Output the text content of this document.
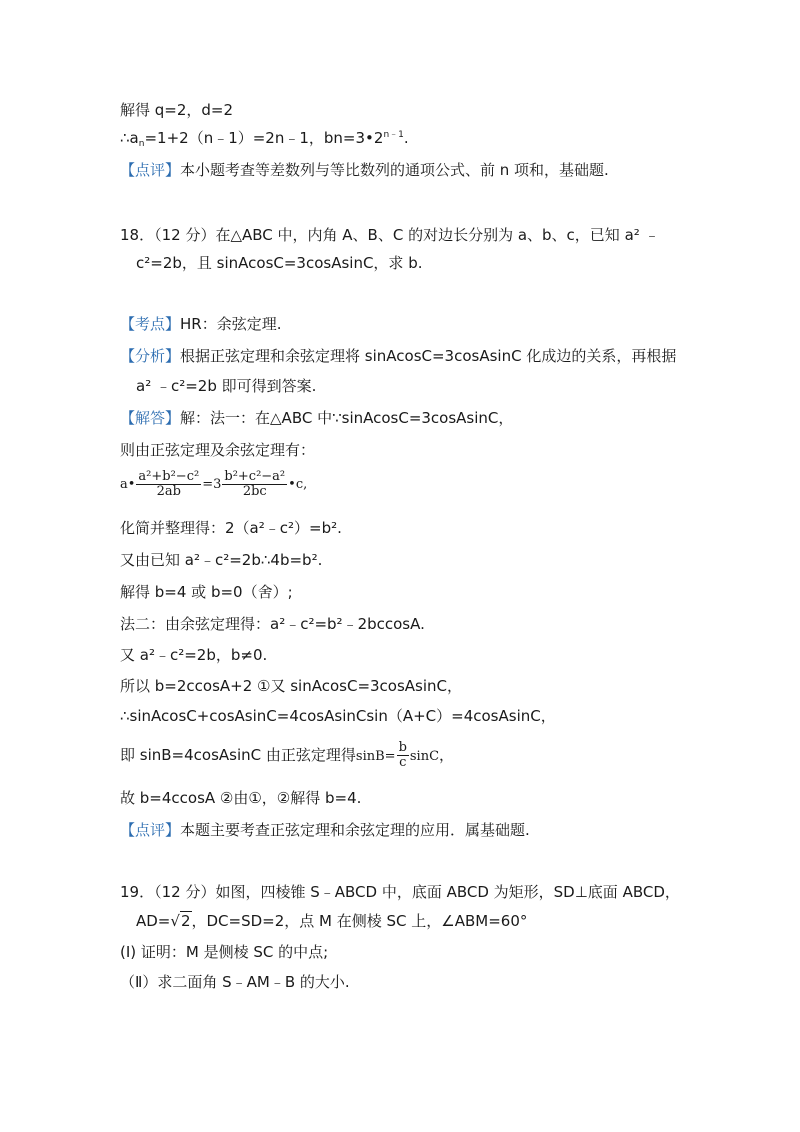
解得 q=2，d=2
$\therefore a_n=1+2(n﹣1)=2n﹣1$，$bn=3•2^{n﹣1}$.
【点评】本小题考查等差数列与等比数列的通项公式、前 n 项和，基础题.
18．（12 分）在△ABC 中，内角 A、B、C 的对边长分别为 a、b、c，已知 a² ﹣
c²=2b，且 sinAcosC=3cosAsinC，求 b.
【考点】HR：余弦定理.
【分析】根据正弦定理和余弦定理将 sinAcosC=3cosAsinC 化成边的关系，再根据
a² ﹣c²=2b 即可得到答案.
【解答】解：法一：在△ABC 中∵sinAcosC=3cosAsinC，
则由正弦定理及余弦定理有：
a• $\frac{\text{a²+b²−c²}}{2ab} =3 \frac{\text{b²+c²−a²}}{2bc}$ •c,
化简并整理得：2（a²﹣c²）=b².
又由已知 a²﹣c²=2b∴4b=b².
解得 b=4 或 b=0（舍）;
法二：由余弦定理得：a²﹣c²=b²﹣2bccosA.
又 a²﹣c²=2b，b≠0.
所以 b=2ccosA+2 ①又 sinAcosC=3cosAsinC，
∴sinAcosC+cosAsinC=4cosAsinCsin（A+C）=4cosAsinC，
即 sinB=4cosAsinC 由正弦定理得$\sin B= \frac{b}{c}$ sinC，
故 b=4ccosA ②由①，②解得 b=4.
【点评】本题主要考查正弦定理和余弦定理的应用．属基础题.
19．（12 分）如图，四棱锥 S﹣ABCD 中，底面 ABCD 为矩形，SD⊥底面 ABCD，
AD=√2，DC=SD=2，点 M 在侧棱 SC 上，∠ABM=60°
(Ⅰ) 证明：M 是侧棱 SC 的中点;
（Ⅱ）求二面角 S﹣AM﹣B 的大小.
